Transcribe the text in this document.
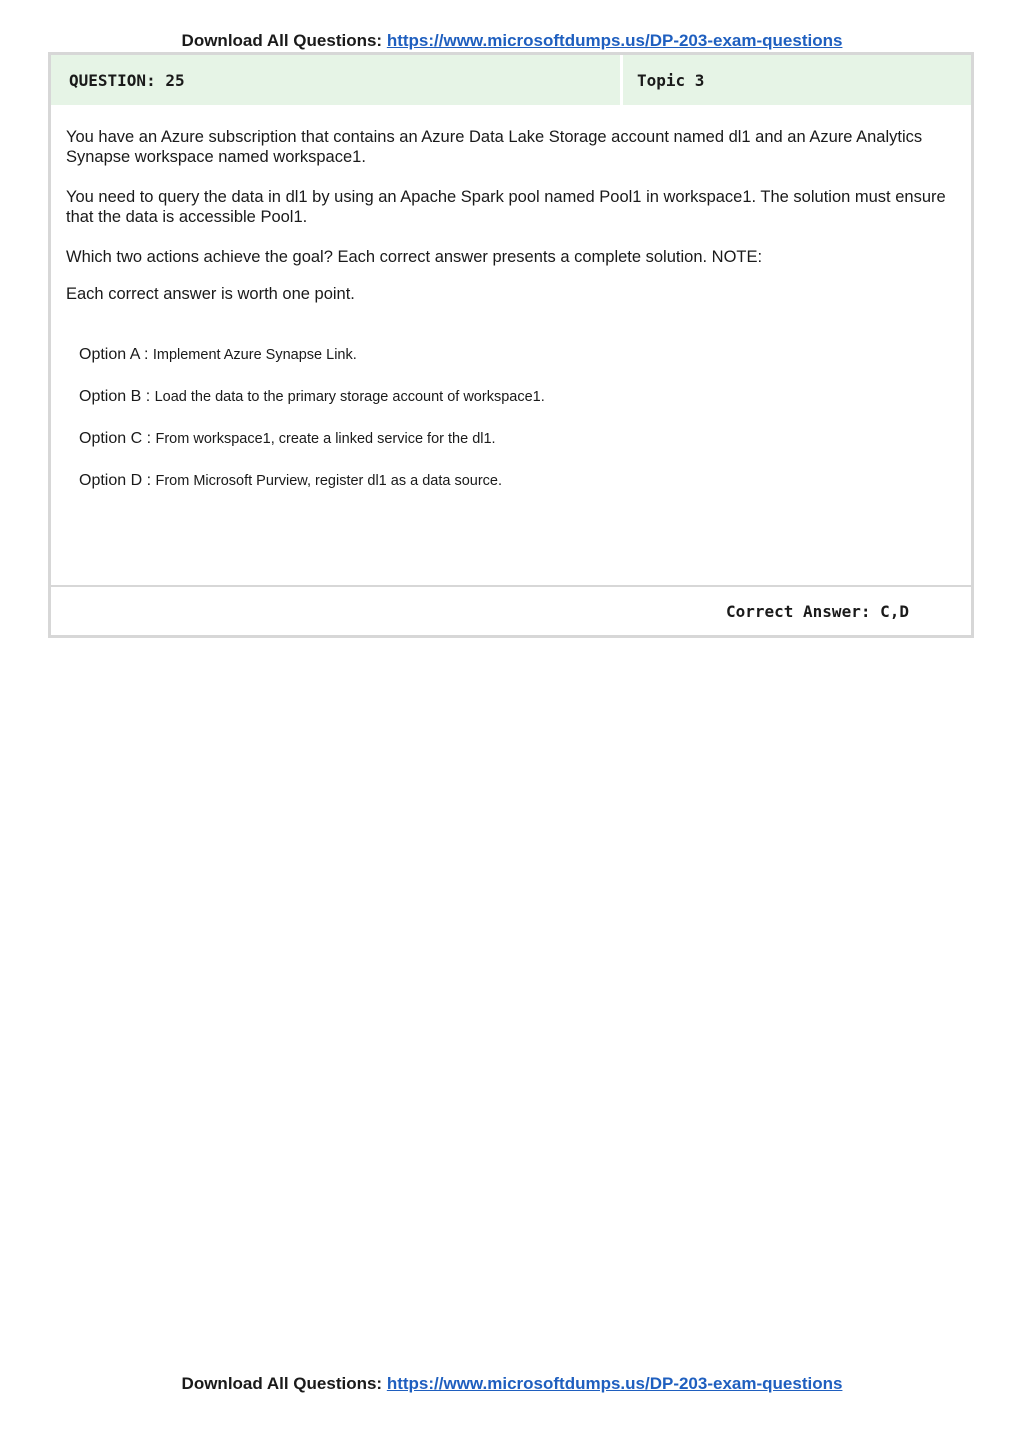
Download All Questions: https://www.microsoftdumps.us/DP-203-exam-questions
QUESTION: 25	Topic 3

You have an Azure subscription that contains an Azure Data Lake Storage account named dl1 and an Azure Analytics Synapse workspace named workspace1.

You need to query the data in dl1 by using an Apache Spark pool named Pool1 in workspace1. The solution must ensure that the data is accessible Pool1.

Which two actions achieve the goal? Each correct answer presents a complete solution. NOTE:

Each correct answer is worth one point.

Option A : Implement Azure Synapse Link.
Option B : Load the data to the primary storage account of workspace1.
Option C : From workspace1, create a linked service for the dl1.
Option D : From Microsoft Purview, register dl1 as a data source.
Correct Answer: C,D
Download All Questions: https://www.microsoftdumps.us/DP-203-exam-questions
